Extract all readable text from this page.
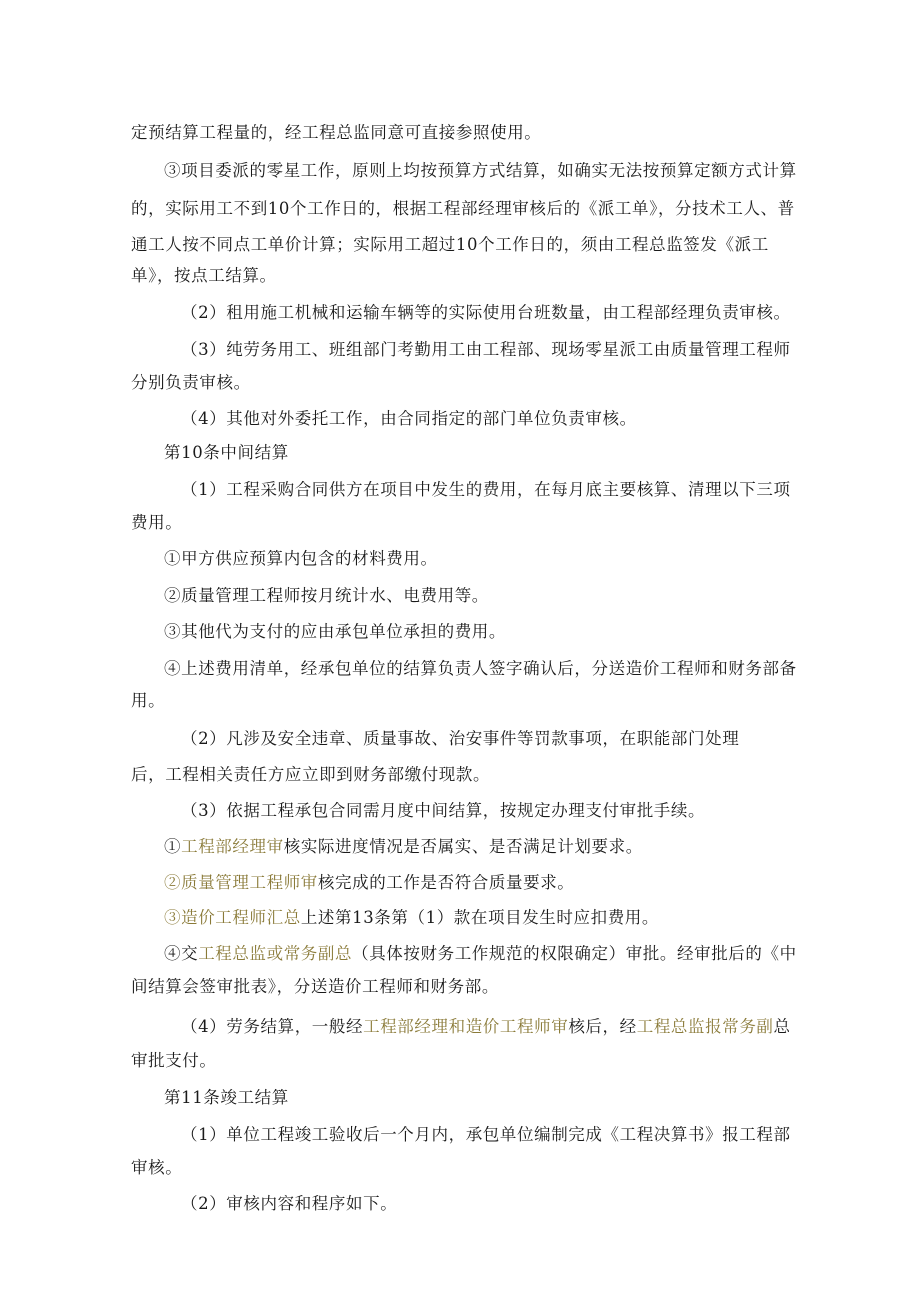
定预结算工程量的，经工程总监同意可直接参照使用。
③项目委派的零星工作，原则上均按预算方式结算，如确实无法按预算定额方式计算
的，实际用工不到10个工作日的，根据工程部经理审核后的《派工单》，分技术工人、普
通工人按不同点工单价计算；实际用工超过10个工作日的，须由工程总监签发《派工
单》，按点工结算。
（2）租用施工机械和运输车辆等的实际使用台班数量，由工程部经理负责审核。
（3）纯劳务用工、班组部门考勤用工由工程部、现场零星派工由质量管理工程师
分别负责审核。
（4）其他对外委托工作，由合同指定的部门单位负责审核。
第10条中间结算
（1）工程采购合同供方在项目中发生的费用，在每月底主要核算、清理以下三项
费用。
①甲方供应预算内包含的材料费用。
②质量管理工程师按月统计水、电费用等。
③其他代为支付的应由承包单位承担的费用。
④上述费用清单，经承包单位的结算负责人签字确认后，分送造价工程师和财务部备
用。
（2）凡涉及安全违章、质量事故、治安事件等罚款事项，在职能部门处理
后，工程相关责任方应立即到财务部缴付现款。
（3）依据工程承包合同需月度中间结算，按规定办理支付审批手续。
①工程部经理审核实际进度情况是否属实、是否满足计划要求。
②质量管理工程师审核完成的工作是否符合质量要求。
③造价工程师汇总上述第13条第（1）款在项目发生时应扣费用。
④交工程总监或常务副总（具体按财务工作规范的权限确定）审批。经审批后的《中
间结算会签审批表》，分送造价工程师和财务部。
（4）劳务结算，一般经工程部经理和造价工程师审核后，经工程总监报常务副总
审批支付。
第11条竣工结算
（1）单位工程竣工验收后一个月内，承包单位编制完成《工程决算书》报工程部
审核。
（2）审核内容和程序如下。
